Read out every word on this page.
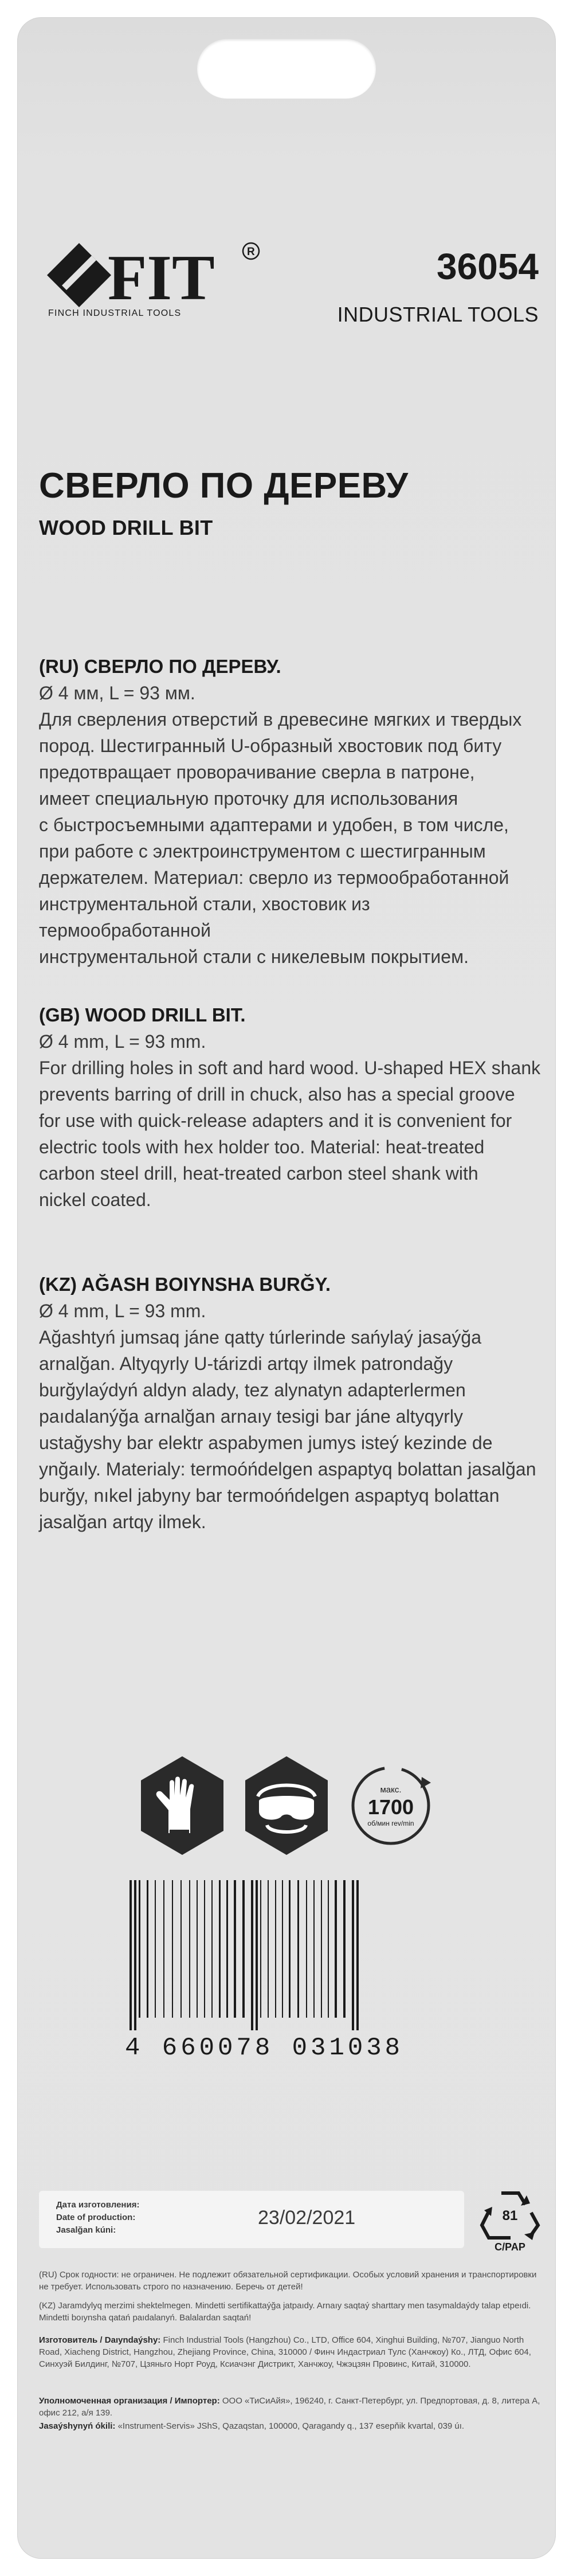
FIT	R
FINCH INDUSTRIAL TOOLS
36054
INDUSTRIAL TOOLS
СВЕРЛО ПО ДЕРЕВУ
WOOD DRILL BIT
(RU) СВЕРЛО ПО ДЕРЕВУ.
Ø 4 мм, L = 93 мм.
Для сверления отверстий в древесине мягких и твердых
пород. Шестигранный U-образный хвостовик под биту
предотвращает проворачивание сверла в патроне,
имеет специальную проточку для использования
с быстросъемными адаптерами и удобен, в том числе,
при работе с электроинструментом с шестигранным
держателем. Материал: сверло из термообработанной
инструментальной стали, хвостовик из термообработанной
инструментальной стали с никелевым покрытием.
(GB) WOOD DRILL BIT.
Ø 4 mm, L = 93 mm.
For drilling holes in soft and hard wood. U-shaped HEX shank
prevents barring of drill in chuck, also has a special groove
for use with quick-release adapters and it is convenient for
electric tools with hex holder too. Material: heat-treated
carbon steel drill, heat-treated carbon steel shank with
nickel coated.
(KZ) AĞASH BOIYNSHA BURĞY.
Ø 4 mm, L = 93 mm.
Ağashtyń jumsaq jáne qatty túrlerinde sańylaý jasaýğa
arnalğan. Altyqyrly U-tárizdi artqy ilmek patrondağy
burğylaýdyń aldyn alady, tez alynatyn adapterlermen
paıdalanýğa arnalğan arnaıy tesigi bar jáne altyqyrly
ustağyshy bar elektr aspabymen jumys isteý kezinde de
ynğaıly. Materialy: termoóńdelgen aspaptyq bolattan jasalğan
burğy, nıkel jabyny bar termoóńdelgen aspaptyq bolattan
jasalğan artqy ilmek.
макс.
1700
об/мин rev/min
4 660078 031038
Дата изготовления:
Date of production:
Jasalğan kúni:
23/02/2021	81
C/PAP
(RU) Срок годности: не ограничен. Не подлежит обязательной сертификации. Особых условий хранения и транспортировки не требует. Использовать строго по назначению. Беречь от детей!
(KZ) Jaramdylyq merzimi shektelmegen. Mindetti sertifikattaýğa jatpaıdy. Arnaıy saqtaý sharttary men tasymaldaýdy talap etpeıdi. Mindetti boıynsha qatań paıdalanyń. Balalardan saqtań!
Изготовитель / Daıyndaýshy: Finch Industrial Tools (Hangzhou) Co., LTD, Office 604, Xinghui Building, №707, Jianguo North Road, Xiacheng District, Hangzhou, Zhejiang Province, China, 310000 / Финч Индастриал Тулс (Ханчжоу) Ко., ЛТД, Офис 604, Синхуэй Билдинг, №707, Цзяньго Норт Роуд, Ксиачэнг Дистрикт, Ханчжоу, Чжэцзян Провинс, Китай, 310000.
Уполномоченная организация / Импортер: ООО «ТиСиАйя», 196240, г. Санкт-Петербург, ул. Предпортовая, д. 8, литера А, офис 212, а/я 139.
Jasaýshynyń ókili: «Instrument-Servis» JShS, Qazaqstan, 100000, Qaragandy q., 137 esepňik kvartal, 039 úı.
